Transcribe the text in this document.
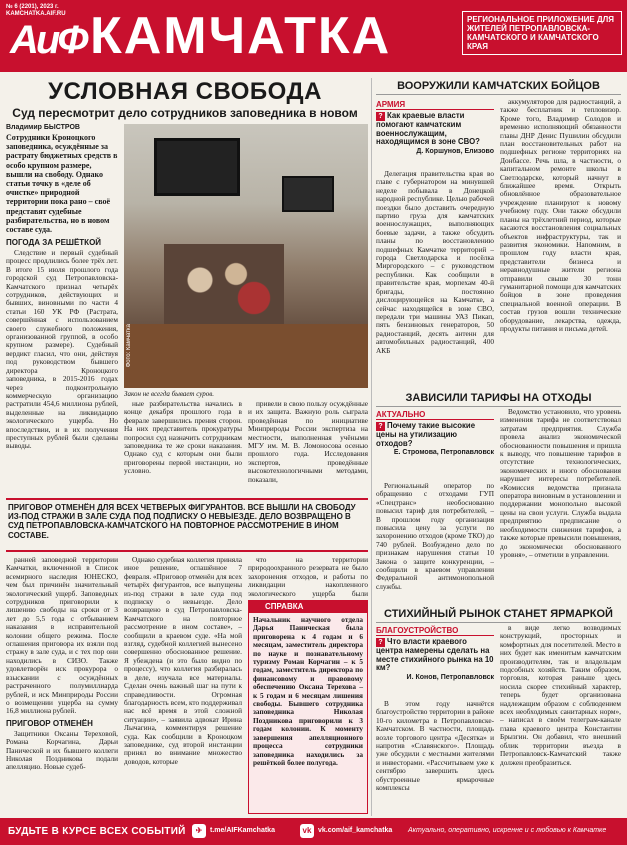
№ 6 (2201), 2023 г.
KAMCHATKA.AIF.RU
АиФ КАМЧАТКА	РЕГИОНАЛЬНОЕ ПРИЛОЖЕНИЕ ДЛЯ ЖИТЕЛЕЙ ПЕТРОПАВЛОВСКА-КАМЧАТСКОГО И КАМЧАТСКОГО КРАЯ
УСЛОВНАЯ СВОБОДА
Суд пересмотрит дело сотрудников заповедника в новом
Владимир БЫСТРОВ
Сотрудники Кроноцкого заповедника, осуждённые за растрату бюджетных средств в особо крупном размере, вышли на свободу. Однако статьи точку в «деле об очистке» природной территории пока рано – своё представят судебные разбирательства, но в новом составе суда.
Фото: Камчатка
Закон не всегда бывает суров.
ПОГОДА ЗА РЕШЁТКОЙ

Следствие и первый судебный процесс продлились более трёх лет. В итоге 15 июля прошлого года городской суд Петропавловска-Камчатского признал четырёх сотрудников, действующих и бывших, виновными по части 4 статьи 160 УК РФ (Растрата, совершённая с использованием своего служебного положения, организованной группой, в особо крупном размере). Судебный вердикт гласил, что они, действуя под руководством бывшего директора Кроноцкого заповедника, в 2015-2016 годах через подконтрольную коммерческую организацию растратили 454,6 миллиона рублей, выделенные на ликвидацию экологического ущерба. Но впоследствии, и в их получения преступных рублей были сделаны выводы.

ные разбирательства начались в конце декабря прошлого года в феврале завершились прения сторон. На них представитель прокуратуры попросил суд назначить сотрудникам заповедника те же сроки наказания. Однако суд с которым они были приговорены первой инстанции, но условно.

привели в свою пользу осуждённые и их защита. Важную роль сыграла проведённая по инициативе Минприроды России экспертиза на местности, выполненная учёными МГУ им. М. В. Ломоносова осенью прошлого года. Исследования экспертов, проведённые высокотехнологичными методами, показали,

ПРИГОВОР ОТМЕНЁН ДЛЯ ВСЕХ ЧЕТВЕРЫХ ФИГУРАНТОВ. ВСЕ ВЫШЛИ НА СВОБОДУ ИЗ-ПОД СТРАЖИ В ЗАЛЕ СУДА ПОД ПОДПИСКУ О НЕВЫЕЗДЕ. ДЕЛО ВОЗВРАЩЕНО В СУД ПЕТРОПАВЛОВСКА-КАМЧАТСКОГО НА ПОВТОРНОЕ РАССМОТРЕНИЕ В ИНОМ СОСТАВЕ.

ранней заповедной территории Камчатки, включенной в Список всемирного наследия ЮНЕСКО, чем был причинён значительный экологический ущерб. Заповедных сотрудников приговорили к лишению свободы на сроки от 3 лет до 5,5 года с отбыванием наказания в исправительной колонии общего режима. После оглашения приговора их взяли под стражу в зале суда, и с тех пор они находились в СИЗО. Также удовлетворён иск прокурора о взыскании с осуждённых растраченного полумиллиарда рублей, и иск Минприроды России о возмещении ущерба на сумму 16,8 миллиона рублей.

ПРИГОВОР ОТМЕНЁН

Защитники Оксаны Тереховой, Романа Корчагина, Дарьи Панической и их бывшего коллеги Николая Поздникова подали апелляцию. Новые судеб-

Однако судебная коллегия приняла иное решение, оглашённое 7 февраля. «Приговор отменён для всех четырёх фигурантов, все выпущены из-под стражи в зале суда под подписку о невыезде. Дело возвращено в суд Петропавловска-Камчатского на повторное рассмотрение в ином составе», – сообщили в краевом суде. «На мой взгляд, судебной коллегией вынесено совершенно обоснованное решение. Я убеждена (и это было видно по процессу), что коллегия разбиралась в деле, изучала все материалы. Сделан очень важный шаг на пути к справедливости. Огромная благодарность всем, кто поддерживал нас всё время в этой сложной ситуации», – заявила адвокат Ирина Лычагина, комментируя решение суда. Как сообщили в Кроноцком заповеднике, суд второй инстанции принял во внимание множество доводов, которые

что на территории природоохранного резервата не было захоронения отходов, и работы по ликвидации накопленного экологического ущерба были

СПРАВКА
Начальник научного отдела Дарья Паническая была приговорена к 4 годам и 6 месяцам, заместитель директора по науке и познавательному туризму Роман Корчагин – к 5 годам, заместитель директора по финансовому и правовому обеспечению Оксана Терехова – к 5 годам и 6 месяцам лишения свободы. Бывшего сотрудника заповедника Николая Поздникова приговорили к 3 годам колонии. К моменту завершения апелляционного процесса сотрудники заповедника находились за решёткой более полугода.
ВООРУЖИЛИ КАМЧАТСКИХ БОЙЦОВ
АРМИЯ
? Как краевые власти помогают камчатским военнослужащим, находящимся в зоне СВО?
Д. Коршунов, Елизово

Делегация правительства края во главе с губернатором на минувшей неделе побывала в Донецкой народной республике. Целью рабочей поездки было доставить очередную партию груза для камчатских военнослужащих, выполняющих боевые задачи, а также обсудить планы по восстановлению подшефных Камчатке территорий – города Светлодарска и посёлка Миргородского – с руководством республики. Как сообщили в правительстве края, морпехам 40-й бригады, постоянно дислоцирующейся на Камчатке, а сейчас находящейся в зоне СВО, передали три машины УАЗ Пикап, пять бензиновых генераторов, 50 радиостанций, десять антенн для автомобильных радиостанций, 400 АКБ

аккумуляторов для радиостанций, а также бесплатник и тепловизор. Кроме того, Владимир Солодов и временно исполняющий обязанности главы ДНР Денис Пушилин обсудили план восстановительных работ на подшефных регионе территориях на Донбассе. Речь шла, в частности, о капитальном ремонте школы в Светлодарске, который начнут в ближайшее время. Открыть обновлённое образовательное учреждение планируют к новому учебному году. Они также обсудили планы на трёхлетний период, которые касаются восстановления социальных объектов инфраструктуры, так и развития экономики. Напомним, в прошлом году власти края, представители бизнеса и неравнодушные жители региона отправили свыше 30 тонн гуманитарной помощи для камчатских бойцов в зоне проведения специальной военной операции. В состав грузов вошли технические оборудование, лекарства, одежда, продукты питания и письма детей.

ЗАВИСИЛИ ТАРИФЫ НА ОТХОДЫ
АКТУАЛЬНО
? Почему такие высокие цены на утилизацию отходов?
Е. Стромова, Петропавловск

Региональный оператор по обращению с отходами ГУП «Спецтранс» необоснованно повысил тариф для потребителей, – В прошлом году организация повысила цену за услуги по захоронению отходов (кроме ТКО) до 740 рублей. Возбуждено дело по признакам нарушения статьи 10 Закона о защите конкуренции, – сообщили в краевом управлении Федеральной антимонопольной службы.

Ведомство установило, что уровень изменения тарифа не соответствовал затратам предприятия. Служба провела анализ экономической обоснованности повышения и пришла к выводу, что повышение тарифов в отсутствие технологических, экономических и иного обоснования нарушает интересы потребителей. «Комиссия ведомства признала оператора виновным в установлении и поддержании монопольно высокой цены на свои услуги. Служба выдала предприятию предписание о необходимости снижения тарифов, а также которые превысили повышения, до экономически обоснованного уровня», – отметили в управлении.

СТИХИЙНЫЙ РЫНОК СТАНЕТ ЯРМАРКОЙ
БЛАГОУСТРОЙСТВО
? Что власти краевого центра намерены сделать на месте стихийного рынка на 10 км?
И. Конов, Петропавловск

В этом году начнётся благоустройство территории в районе 10-го километра в Петропавловске-Камчатском. В частности, площадь возле торгового центра «Десятка» и напротив «Славянского». Площадь уже обсудили с местными жителями и инвесторами. «Рассчитываем уже к сентябрю завершить здесь обустроенные ярмарочные комплексы

в виде легко возводимых конструкций, просторных и комфортных для посетителей. Место в них будет как именитым камчатским производителям, так и владельцам подсобных хозяйств. Таким образом, торговля, которая раньше здесь носила скорее стихийный характер, теперь будет организована надлежащим образом с соблюдением всех необходимых санитарных норм», – написал в своём телеграм-канале глава краевого центра Константин Брызгин. Он добавил, что внешний облик территории въезда в Петропавловск-Камчатский также должен преобразиться.

БУДЬТЕ В КУРСЕ ВСЕХ СОБЫТИЙ	✈	t.me/AIFKamchatka	vk vk.com/aif_kamchatka Актуально, оперативно, искренне и с любовью к Камчатке
